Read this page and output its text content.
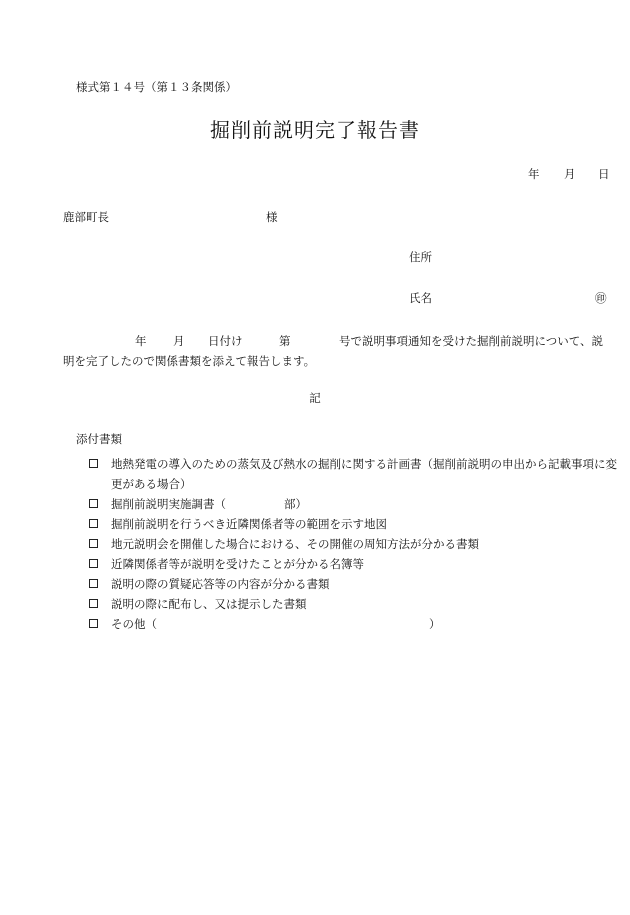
様式第１４号（第１３条関係）
掘削前説明完了報告書
年 月 日
鹿部町長	様
住所
氏名	㊞
年 月 日付け	第	号で説明事項通知を受けた掘削前説明について、説
明を完了したので関係書類を添えて報告します。
記
添付書類
地熱発電の導入のための蒸気及び熱水の掘削に関する計画書（掘削前説明の申出から記載事項に変更がある場合）
掘削前説明実施調書（	部）
掘削前説明を行うべき近隣関係者等の範囲を示す地図
地元説明会を開催した場合における、その開催の周知方法が分かる書類
近隣関係者等が説明を受けたことが分かる名簿等
説明の際の質疑応答等の内容が分かる書類
説明の際に配布し、又は提示した書類
その他（	）
